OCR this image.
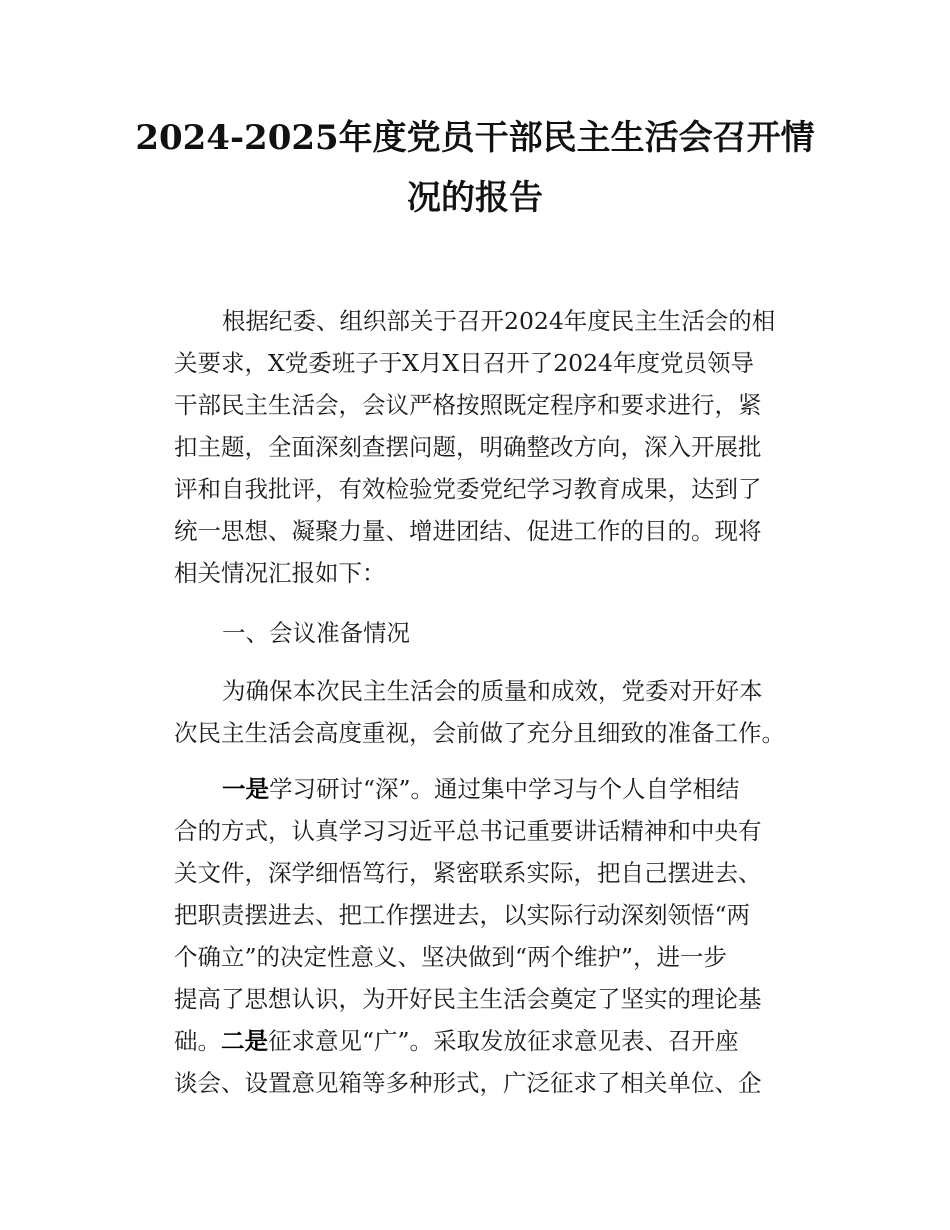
2024-2025年度党员干部民主生活会召开情
况的报告
根据纪委、组织部关于召开2024年度民主生活会的相
关要求，X党委班子于X月X日召开了2024年度党员领导
干部民主生活会，会议严格按照既定程序和要求进行，紧
扣主题，全面深刻查摆问题，明确整改方向，深入开展批
评和自我批评，有效检验党委党纪学习教育成果，达到了
统一思想、凝聚力量、增进团结、促进工作的目的。现将
相关情况汇报如下：
一、会议准备情况
为确保本次民主生活会的质量和成效，党委对开好本
次民主生活会高度重视，会前做了充分且细致的准备工作。
一是学习研讨“深”。通过集中学习与个人自学相结
合的方式，认真学习习近平总书记重要讲话精神和中央有
关文件，深学细悟笃行，紧密联系实际，把自己摆进去、
把职责摆进去、把工作摆进去，以实际行动深刻领悟“两
个确立”的决定性意义、坚决做到“两个维护”，进一步
提高了思想认识，为开好民主生活会奠定了坚实的理论基
础。二是征求意见“广”。采取发放征求意见表、召开座
谈会、设置意见箱等多种形式，广泛征求了相关单位、企
